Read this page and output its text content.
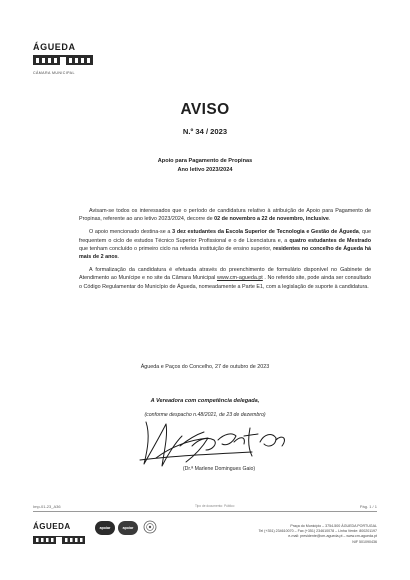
ÁGUEDA
CÂMARA MUNICIPAL
AVISO
N.º 34 / 2023
Apoio para Pagamento de Propinas
Ano letivo 2023/2024

Avisam-se todos os interessados que o período de candidatura relativo à atribuição de Apoio para Pagamento de Propinas, referente ao ano letivo 2023/2024, decorre de 02 de novembro a 22 de novembro, inclusive.

O apoio mencionado destina-se a 3 dez estudantes da Escola Superior de Tecnologia e Gestão de Águeda, que frequentem o ciclo de estudos Técnico Superior Profissional e o de Licenciatura e, a quatro estudantes de Mestrado que tenham concluído o primeiro ciclo na referida instituição de ensino superior, residentes no concelho de Águeda há mais de 2 anos.

A formalização da candidatura é efetuada através do preenchimento de formulário disponível no Gabinete de Atendimento ao Munícipe e no site da Câmara Municipal www.cm-agueda.pt . No referido site, pode ainda ser consultado o Código Regulamentar do Município de Águeda, nomeadamente a Parte E1, com a legislação de suporte à candidatura.

Águeda e Paços do Concelho, 27 de outubro de 2023
A Vereadora com competência delegada,
(conforme despacho n.48/2021, de 23 de dezembro)
(Dr.ª Marlene Domingues Gaio)
Imp-01-23_A36	Tipo de documento: Público	Pág. 1 / 1
ÁGUEDA	apoiar	apoiar	Praça do Município – 3754-500 ÁGUEDA PORTUGAL
Tel (+351) 234610070 – Fax (+351) 234610078 – Linha Verde: 800201197
e-mail: presidente@cm-agueda.pt – www.cm-agueda.pt
NIF 501090436
